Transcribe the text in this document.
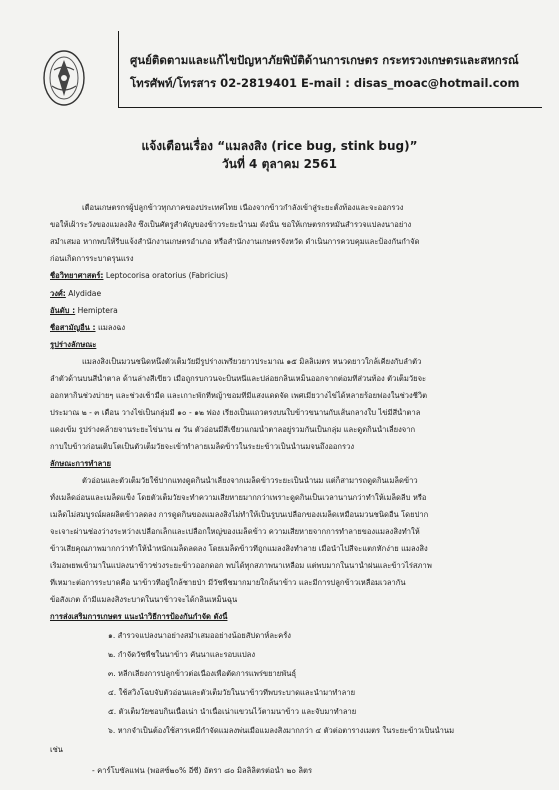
ศูนย์ติดตามและแก้ไขปัญหาภัยพิบัติด้านการเกษตร กระทรวงเกษตรและสหกรณ์
โทรศัพท์/โทรสาร 02-2819401 E-mail : disas_moac@hotmail.com
แจ้งเตือนเรื่อง “แมลงสิง (rice bug, stink bug)”
วันที่ 4 ตุลาคม 2561
เตือนเกษตรกรผู้ปลูกข้าวทุกภาคของประเทศไทย เนื่องจากข้าวกำลังเข้าสู่ระยะตั้งท้องและจะออกรวง
ขอให้เฝ้าระวังของแมลงสิง ซึ่งเป็นศัตรูสำคัญของข้าวระยะน้ำนม ดังนั้น ขอให้เกษตรกรหมั่นสำรวจแปลงนาอย่าง
สม่ำเสมอ หากพบให้รีบแจ้งสำนักงานเกษตรอำเภอ หรือสำนักงานเกษตรจังหวัด ดำเนินการควบคุมและป้องกันกำจัด
ก่อนเกิดการระบาดรุนแรง
ชื่อวิทยาศาสตร์: Leptocorisa oratorius (Fabricius)
วงศ์: Alydidae
อันดับ : Hemiptera
ชื่อสามัญอื่น : แมลงฉง
รูปร่างลักษณะ
แมลงสิงเป็นมวนชนิดหนึ่งตัวเต็มวัยมีรูปร่างเพรียวยาวประมาณ ๑๕ มิลลิเมตร หนวดยาวใกล้เคียงกับลำตัว
ลำตัวด้านบนสีน้ำตาล ด้านล่างสีเขียว เมื่อถูกรบกวนจะบินหนีและปล่อยกลิ่นเหม็นออกจากต่อมที่ส่วนท้อง ตัวเต็มวัยจะ
ออกหากินช่วงบ่ายๆ และช่วงเช้ามืด และเกาะพักที่หญ้าขอมที่มีแสงแดดจัด เพศเมียวางไข่ได้หลายร้อยฟองในช่วงชีวิต
ประมาณ ๒ - ๓ เดือน วางไข่เป็นกลุ่มมี ๑๐ - ๑๒ ฟอง เรียงเป็นแถวตรงบนใบข้าวขนานกับเส้นกลางใบ ไข่มีสีน้ำตาล
แดงเข้ม รูปร่างคล้ายจานระยะไข่นาน ๗ วัน ตัวอ่อนมีสีเขียวแกมน้ำตาลอยู่รวมกันเป็นกลุ่ม และดูดกินน้ำเลี้ยงจาก
กาบใบข้าวก่อนเติบโตเป็นตัวเต็มวัยจะเข้าทำลายเมล็ดข้าวในระยะข้าวเป็นน้ำนมจนถึงออกรวง
ลักษณะการทำลาย
ตัวอ่อนและตัวเต็มวัยใช้ปากแทงดูดกินน้ำเลี้ยงจากเมล็ดข้าวระยะเป็นน้ำนม แต่ก็สามารถดูดกินเมล็ดข้าว
ทั้งเมล็ดอ่อนและเมล็ดแข็ง โดยตัวเต็มวัยจะทำความเสียหายมากกว่าเพราะดูดกินเป็นเวลานานกว่าทำให้เมล็ดลีบ หรือ
เมล็ดไม่สมบูรณ์ผลผลิตข้าวลดลง การดูดกินของแมลงสิงไม่ทำให้เป็นรูบนเปลือกของเมล็ดเหมือนมวนชนิดอื่น โดยปาก
จะเจาะผ่านช่องว่างระหว่างเปลือกเล็กและเปลือกใหญ่ของเมล็ดข้าว ความเสียหายจากการทำลายของแมลงสิงทำให้
ข้าวเสียคุณภาพมากกว่าทำให้น้ำหนักเมล็ดลดลง โดยเมล็ดข้าวที่ถูกแมลงสิงทำลาย เมื่อนำไปสีจะแตกหักง่าย แมลงสิง
เริ่มอพยพเข้ามาในแปลงนาข้าวช่วงระยะข้าวออกดอก พบได้ทุกสภาพนาเหลือม แต่พบมากในนาน้ำฝนและข้าวไร่สภาพ
ที่เหมาะต่อการระบาดคือ นาข้าวที่อยู่ใกล้ชายป่า มีวัชพืชมากมายใกล้นาข้าว และมีการปลูกข้าวเหลื่อมเวลากัน
ข้อสังเกต ถ้ามีแมลงสิงระบาดในนาข้าวจะได้กลิ่นเหม็นฉุน
การส่งเสริมการเกษตร แนะนำวิธีการป้องกันกำจัด ดังนี้
๑. สำรวจแปลงนาอย่างสม่ำเสมออย่างน้อยสัปดาห์ละครั้ง
๒. กำจัดวัชพืชในนาข้าว คันนาและรอบแปลง
๓. หลีกเลี่ยงการปลูกข้าวต่อเนื่องเพื่อตัดการแพร่ขยายพันธุ์
๔. ใช้สวิงโฉบจับตัวอ่อนและตัวเต็มวัยในนาข้าวที่พบระบาดและนำมาทำลาย
๕. ตัวเต็มวัยชอบกินเนื้อเน่า นำเนื้อเน่าแขวนไว้ตามนาข้าว และจับมาทำลาย
๖. หากจำเป็นต้องใช้สารเคมีกำจัดแมลงพ่นเมื่อแมลงสิงมากกว่า ๔ ตัวต่อตารางเมตร ในระยะข้าวเป็นน้ำนม
เช่น
- คาร์โบซัลแฟน (พอสซ์๒๐% อีซี) อัตรา ๘๐ มิลลิลิตรต่อน้ำ ๒๐ ลิตร
